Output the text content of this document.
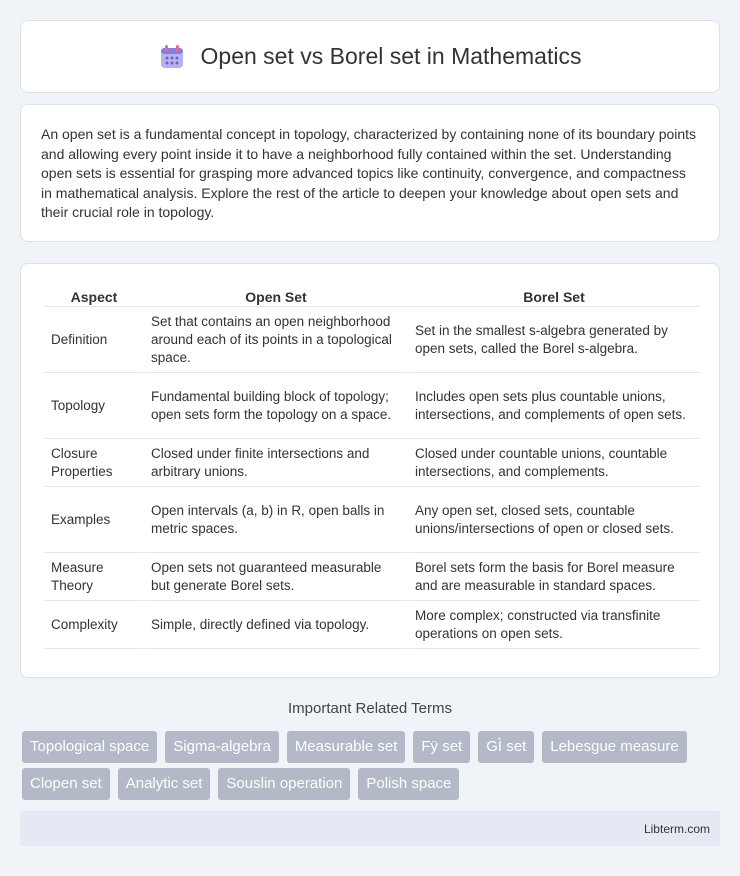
Open set vs Borel set in Mathematics

An open set is a fundamental concept in topology, characterized by containing none of its boundary points and allowing every point inside it to have a neighborhood fully contained within the set. Understanding open sets is essential for grasping more advanced topics like continuity, convergence, and compactness in mathematical analysis. Explore the rest of the article to deepen your knowledge about open sets and their crucial role in topology.

Aspect	Open Set	Borel Set
Definition	Set that contains an open neighborhood around each of its points in a topological space.	Set in the smallest s-algebra generated by open sets, called the Borel s-algebra.
Topology	Fundamental building block of topology; open sets form the topology on a space.	Includes open sets plus countable unions, intersections, and complements of open sets.
Closure Properties	Closed under finite intersections and arbitrary unions.	Closed under countable unions, countable intersections, and complements.
Examples	Open intervals (a, b) in R, open balls in metric spaces.	Any open set, closed sets, countable unions/intersections of open or closed sets.
Measure Theory	Open sets not guaranteed measurable but generate Borel sets.	Borel sets form the basis for Borel measure and are measurable in standard spaces.
Complexity	Simple, directly defined via topology.	More complex; constructed via transfinite operations on open sets.
Important Related Terms
Topological space	Sigma-algebra	Measurable set	Fÿ set	GÌ set	Lebesgue measure
Clopen set	Analytic set	Souslin operation	Polish space
Libterm.com
